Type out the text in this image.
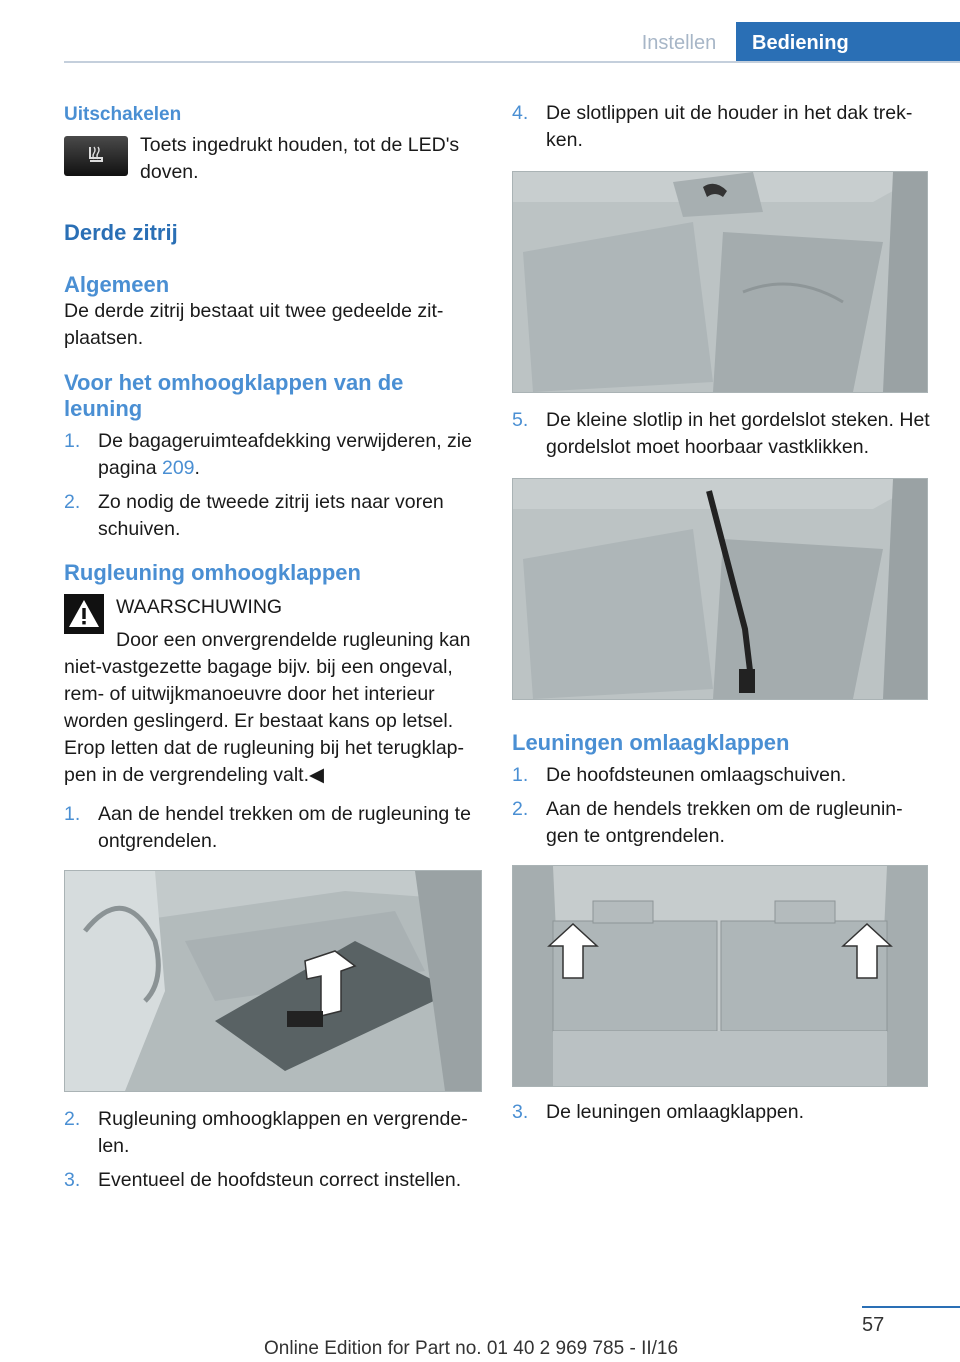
Instellen	Bediening
Uitschakelen

Toets ingedrukt houden, tot de LED's doven.

Derde zitrij
Algemeen

De derde zitrij bestaat uit twee gedeelde zit‐plaatsen.

Voor het omhoogklappen van de leuning
1. De bagageruimteafdekking verwijderen, zie pagina 209.
2. Zo nodig de tweede zitrij iets naar voren schuiven.
Rugleuning omhoogklappen

WAARSCHUWING

Door een onvergrendelde rugleuning kan

niet-vastgezette bagage bijv. bij een ongeval, rem- of uitwijkmanoeuvre door het interieur worden geslingerd. Er bestaat kans op letsel. Erop letten dat de rugleuning bij het terugklap‐pen in de vergrendeling valt.◀

1. Aan de hendel trekken om de rugleuning te ontgrendelen.
2. Rugleuning omhoogklappen en vergrende‐len.
3. Eventueel de hoofdsteun correct instellen.
4. De slotlippen uit de houder in het dak trek‐ken.
5. De kleine slotlip in het gordelslot steken. Het gordelslot moet hoorbaar vastklikken.
Leuningen omlaagklappen
1. De hoofdsteunen omlaagschuiven.
2. Aan de hendels trekken om de rugleunin‐gen te ontgrendelen.
3. De leuningen omlaagklappen.
57
Online Edition for Part no. 01 40 2 969 785 - II/16
